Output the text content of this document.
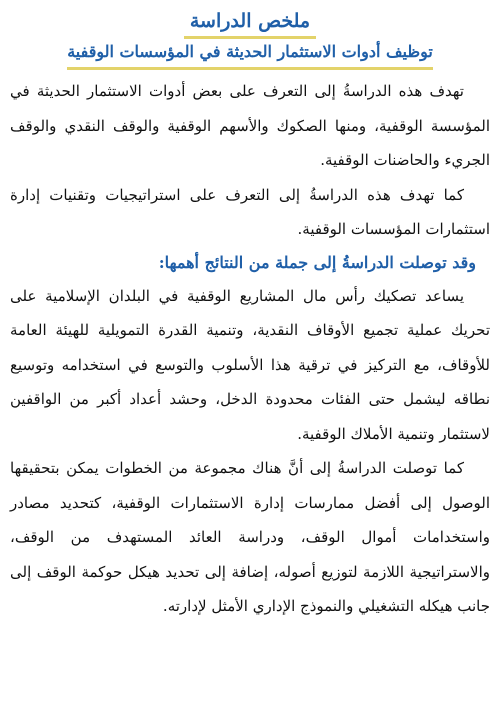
ملخص الدراسة
توظيف أدوات الاستثمار الحديثة في المؤسسات الوقفية

تهدف هذه الدراسةُ إلى التعرف على بعض أدوات الاستثمار الحديثة في المؤسسة الوقفية، ومنها الصكوك والأسهم الوقفية والوقف النقدي والوقف الجريء والحاضنات الوقفية.

كما تهدف هذه الدراسةُ إلى التعرف على استراتيجيات وتقنيات إدارة استثمارات المؤسسات الوقفية.

وقد توصلت الدراسةُ إلى جملة من النتائج أهمها:

يساعد تصكيك رأس مال المشاريع الوقفية في البلدان الإسلامية على تحريك عملية تجميع الأوقاف النقدية، وتنمية القدرة التمويلية للهيئة العامة للأوقاف، مع التركيز في ترقية هذا الأسلوب والتوسع في استخدامه وتوسيع نطاقه ليشمل حتى الفئات محدودة الدخل، وحشد أعداد أكبر من الواقفين لاستثمار وتنمية الأملاك الوقفية.

كما توصلت الدراسةُ إلى أنَّ هناك مجموعة من الخطوات يمكن بتحقيقها الوصول إلى أفضل ممارسات إدارة الاستثمارات الوقفية، كتحديد مصادر واستخدامات أموال الوقف، ودراسة العائد المستهدف من الوقف، والاستراتيجية اللازمة لتوزيع أصوله، إضافة إلى تحديد هيكل حوكمة الوقف إلى جانب هيكله التشغيلي والنموذج الإداري الأمثل لإدارته.
